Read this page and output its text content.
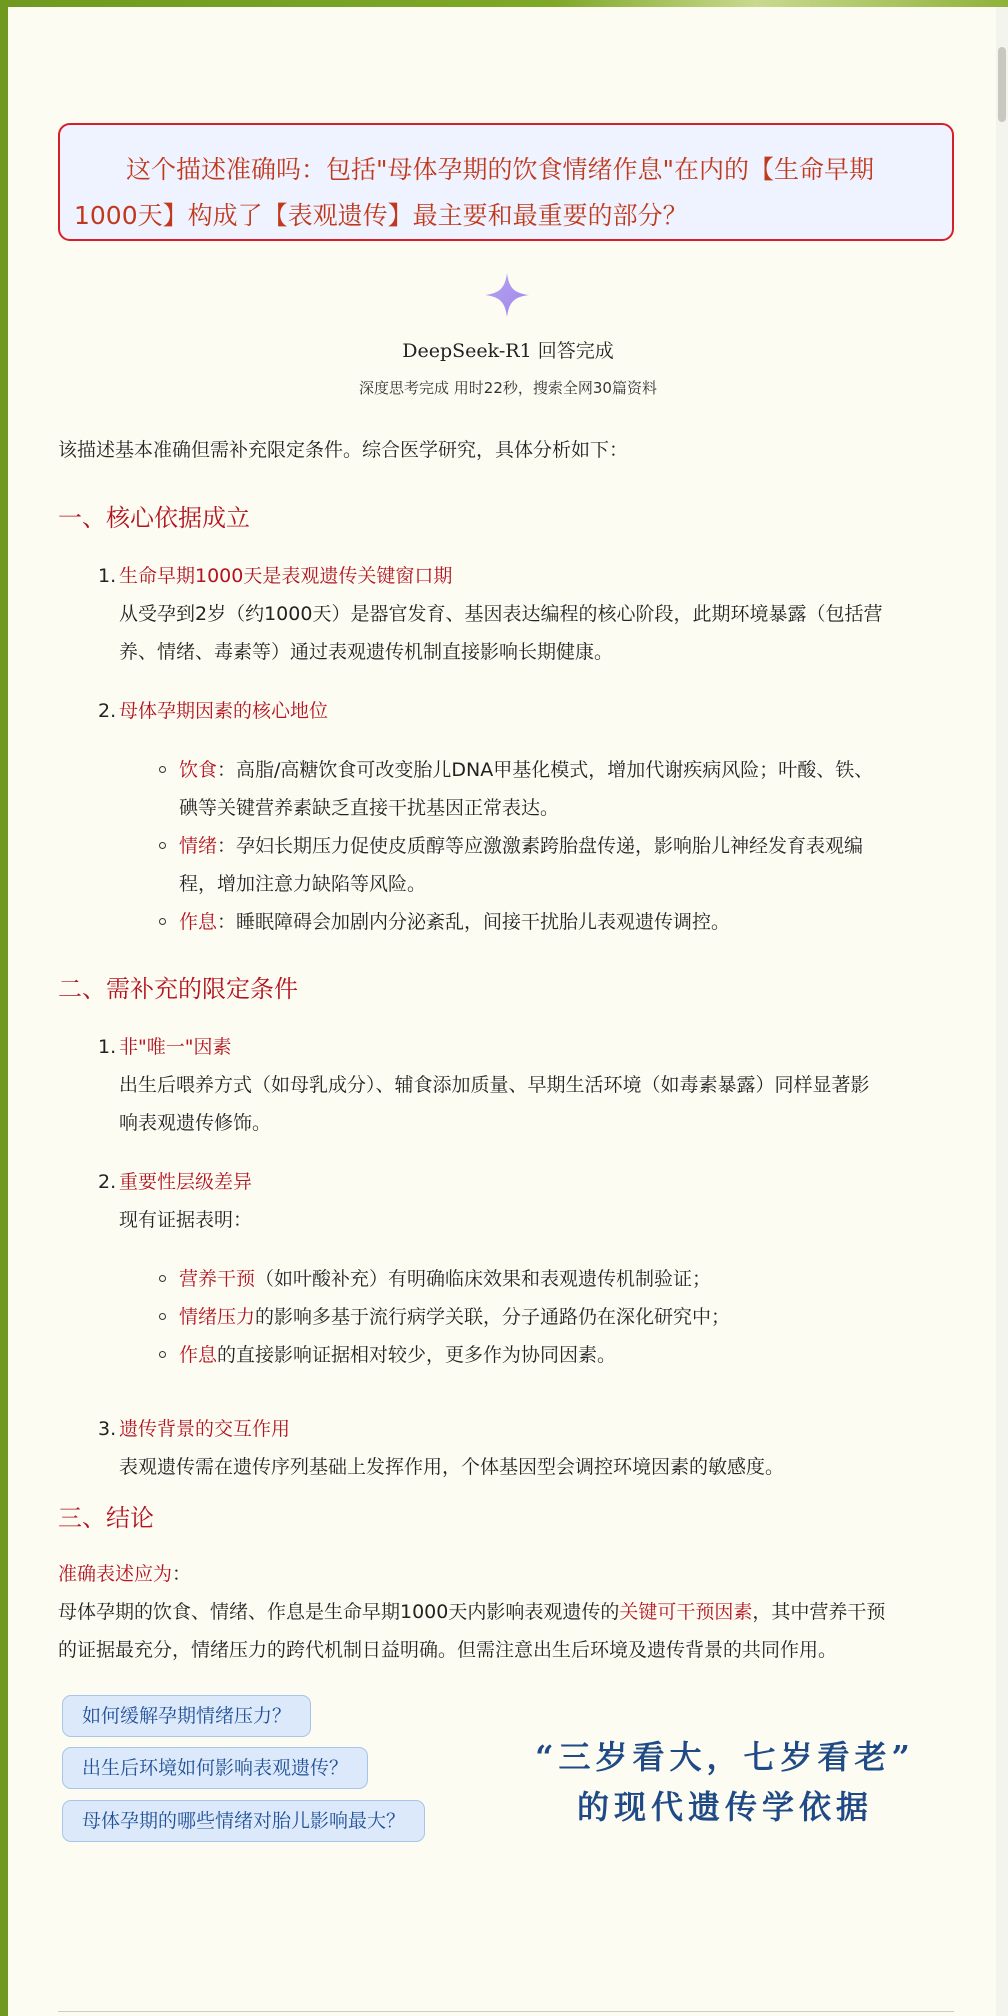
这个描述准确吗：包括"母体孕期的饮食情绪作息"在内的【生命早期
1000天】构成了【表观遗传】最主要和最重要的部分？
DeepSeek-R1 回答完成
深度思考完成 用时22秒，搜索全网30篇资料
该描述基本准确但需补充限定条件。综合医学研究，具体分析如下：
一、核心依据成立
1. 生命早期1000天是表观遗传关键窗口期
从受孕到2岁（约1000天）是器官发育、基因表达编程的核心阶段，此期环境暴露（包括营
养、情绪、毒素等）通过表观遗传机制直接影响长期健康。
2. 母体孕期因素的核心地位
饮食：高脂/高糖饮食可改变胎儿DNA甲基化模式，增加代谢疾病风险；叶酸、铁、
碘等关键营养素缺乏直接干扰基因正常表达。
情绪：孕妇长期压力促使皮质醇等应激激素跨胎盘传递，影响胎儿神经发育表观编
程，增加注意力缺陷等风险。
作息：睡眠障碍会加剧内分泌紊乱，间接干扰胎儿表观遗传调控。
二、需补充的限定条件
1. 非"唯一"因素
出生后喂养方式（如母乳成分）、辅食添加质量、早期生活环境（如毒素暴露）同样显著影
响表观遗传修饰。
2. 重要性层级差异
现有证据表明：
营养干预（如叶酸补充）有明确临床效果和表观遗传机制验证；
情绪压力的影响多基于流行病学关联，分子通路仍在深化研究中；
作息的直接影响证据相对较少，更多作为协同因素。
3. 遗传背景的交互作用
表观遗传需在遗传序列基础上发挥作用，个体基因型会调控环境因素的敏感度。
三、结论
准确表述应为：
母体孕期的饮食、情绪、作息是生命早期1000天内影响表观遗传的关键可干预因素，其中营养干预
的证据最充分，情绪压力的跨代机制日益明确。但需注意出生后环境及遗传背景的共同作用。
如何缓解孕期情绪压力？
出生后环境如何影响表观遗传？
母体孕期的哪些情绪对胎儿影响最大？
“三岁看大，七岁看老”
的现代遗传学依据
